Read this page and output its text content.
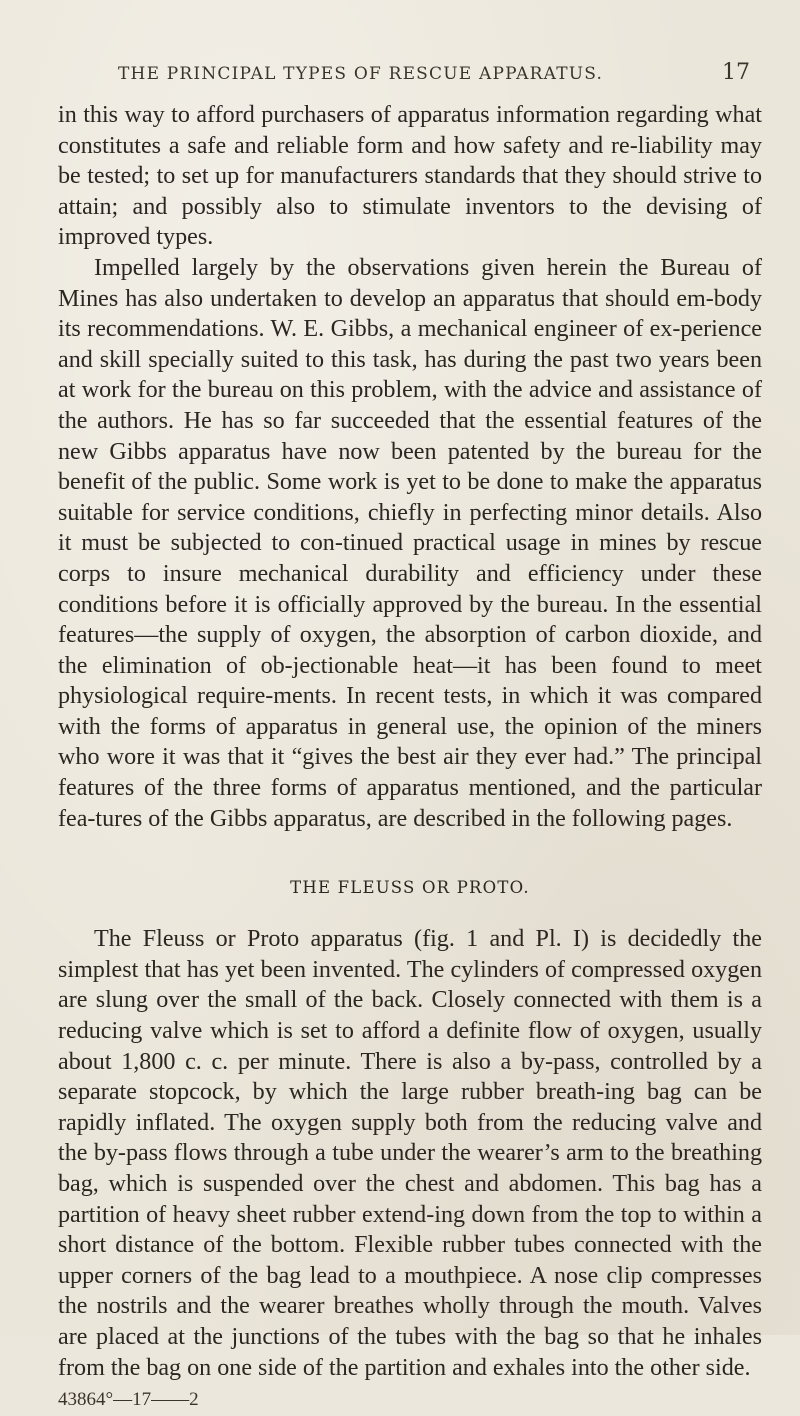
THE PRINCIPAL TYPES OF RESCUE APPARATUS.	17

in this way to afford purchasers of apparatus information regarding what constitutes a safe and reliable form and how safety and re-liability may be tested; to set up for manufacturers standards that they should strive to attain; and possibly also to stimulate inventors to the devising of improved types.

Impelled largely by the observations given herein the Bureau of Mines has also undertaken to develop an apparatus that should em-body its recommendations. W. E. Gibbs, a mechanical engineer of ex-perience and skill specially suited to this task, has during the past two years been at work for the bureau on this problem, with the advice and assistance of the authors. He has so far succeeded that the essential features of the new Gibbs apparatus have now been patented by the bureau for the benefit of the public. Some work is yet to be done to make the apparatus suitable for service conditions, chiefly in perfecting minor details. Also it must be subjected to con-tinued practical usage in mines by rescue corps to insure mechanical durability and efficiency under these conditions before it is officially approved by the bureau. In the essential features—the supply of oxygen, the absorption of carbon dioxide, and the elimination of ob-jectionable heat—it has been found to meet physiological require-ments. In recent tests, in which it was compared with the forms of apparatus in general use, the opinion of the miners who wore it was that it “gives the best air they ever had.” The principal features of the three forms of apparatus mentioned, and the particular fea-tures of the Gibbs apparatus, are described in the following pages.

THE FLEUSS OR PROTO.

The Fleuss or Proto apparatus (fig. 1 and Pl. I) is decidedly the simplest that has yet been invented. The cylinders of compressed oxygen are slung over the small of the back. Closely connected with them is a reducing valve which is set to afford a definite flow of oxygen, usually about 1,800 c. c. per minute. There is also a by-pass, controlled by a separate stopcock, by which the large rubber breath-ing bag can be rapidly inflated. The oxygen supply both from the reducing valve and the by-pass flows through a tube under the wearer’s arm to the breathing bag, which is suspended over the chest and abdomen. This bag has a partition of heavy sheet rubber extend-ing down from the top to within a short distance of the bottom. Flexible rubber tubes connected with the upper corners of the bag lead to a mouthpiece. A nose clip compresses the nostrils and the wearer breathes wholly through the mouth. Valves are placed at the junctions of the tubes with the bag so that he inhales from the bag on one side of the partition and exhales into the other side.

43864°—17——2
